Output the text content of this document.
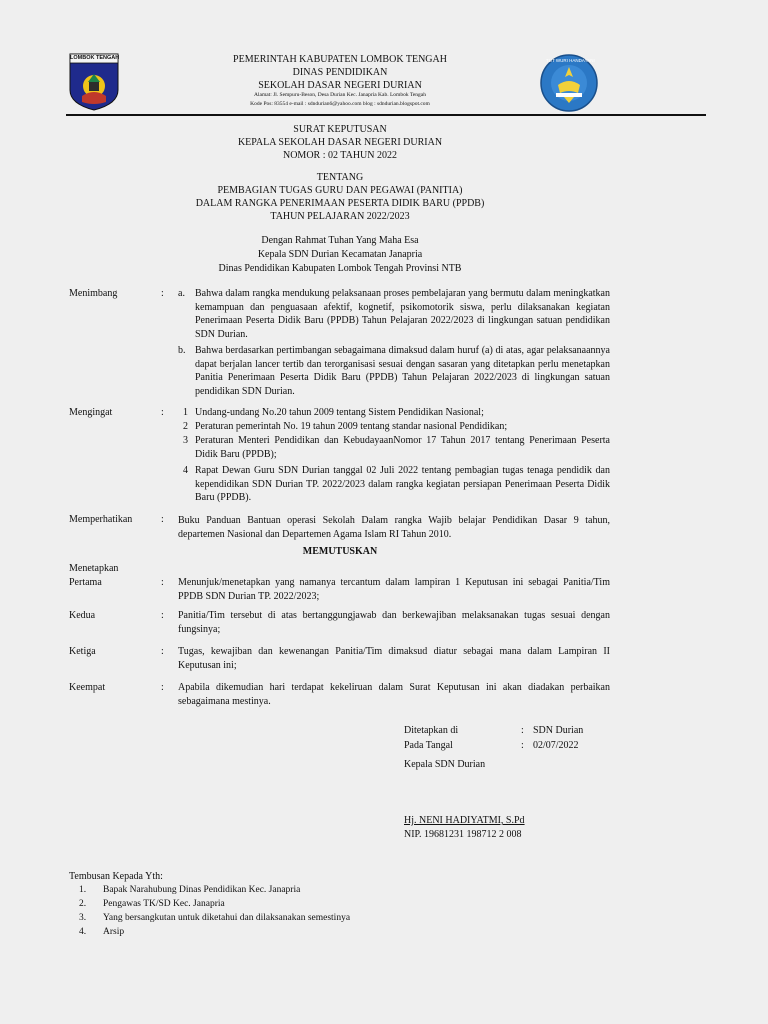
LOMBOK TENGAH	TUT WURI HANDAYANI
PEMERINTAH KABUPATEN LOMBOK TENGAH
DINAS PENDIDIKAN
SEKOLAH DASAR NEGERI DURIAN
Alamat: Jl. Sempuru-Beson, Desa Durian Kec. Janapria Kab. Lombok Tengah
Kode Pos: 83554 e-mail : sdndurian6@yahoo.com blog : sdndurian.blogspot.com
SURAT KEPUTUSAN
KEPALA SEKOLAH DASAR NEGERI DURIAN
NOMOR : 02 TAHUN 2022
TENTANG
PEMBAGIAN TUGAS GURU DAN PEGAWAI (PANITIA)
DALAM RANGKA PENERIMAAN PESERTA DIDIK BARU (PPDB)
TAHUN PELAJARAN 2022/2023
Dengan Rahmat Tuhan Yang Maha Esa
Kepala SDN Durian Kecamatan Janapria
Dinas Pendidikan Kabupaten Lombok Tengah Provinsi NTB
Menimbang	: a. Bahwa dalam rangka mendukung pelaksanaan proses pembelajaran yang bermutu dalam meningkatkan kemampuan dan penguasaan afektif, kognetif, psikomotorik siswa, perlu dilaksanakan kegiatan Penerimaan Peserta Didik Baru (PPDB) Tahun Pelajaran 2022/2023 di lingkungan satuan pendidikan SDN Durian.
b. Bahwa berdasarkan pertimbangan sebagaimana dimaksud dalam huruf (a) di atas, agar pelaksanaannya dapat berjalan lancer tertib dan terorganisasi sesuai dengan sasaran yang ditetapkan perlu menetapkan Panitia Penerimaan Peserta Didik Baru (PPDB) Tahun Pelajaran 2022/2023 di lingkungan satuan pendidikan SDN Durian.
Mengingat	: 1 Undang-undang No.20 tahun 2009 tentang Sistem Pendidikan Nasional;
2 Peraturan pemerintah No. 19 tahun 2009 tentang standar nasional Pendidikan;
3 Peraturan Menteri Pendidikan dan KebudayaanNomor 17 Tahun 2017 tentang Penerimaan Peserta Didik Baru (PPDB);
4 Rapat Dewan Guru SDN Durian tanggal 02 Juli 2022 tentang pembagian tugas tenaga pendidik dan kependidikan SDN Durian TP. 2022/2023 dalam rangka kegiatan persiapan Penerimaan Peserta Didik Baru (PPDB).
Memperhatikan	: Buku Panduan Bantuan operasi Sekolah Dalam rangka Wajib belajar Pendidikan Dasar 9 tahun, departemen Nasional dan Departemen Agama Islam RI Tahun 2010.
MEMUTUSKAN
Menetapkan
Pertama	: Menunjuk/menetapkan yang namanya tercantum dalam lampiran 1 Keputusan ini sebagai Panitia/Tim PPDB SDN Durian TP. 2022/2023;
Kedua	: Panitia/Tim tersebut di atas bertanggungjawab dan berkewajiban melaksanakan tugas sesuai dengan fungsinya;
Ketiga	: Tugas, kewajiban dan kewenangan Panitia/Tim dimaksud diatur sebagai mana dalam Lampiran II Keputusan ini;
Keempat	: Apabila dikemudian hari terdapat kekeliruan dalam Surat Keputusan ini akan diadakan perbaikan sebagaimana mestinya.
Ditetapkan di	: SDN Durian
Pada Tangal	: 02/07/2022
Kepala SDN Durian
Hj. NENI HADIYATMI, S.Pd
NIP. 19681231 198712 2 008
Tembusan Kepada Yth:
1. Bapak Narahubung Dinas Pendidikan Kec. Janapria
2. Pengawas TK/SD Kec. Janapria
3. Yang bersangkutan untuk diketahui dan dilaksanakan semestinya
4. Arsip
